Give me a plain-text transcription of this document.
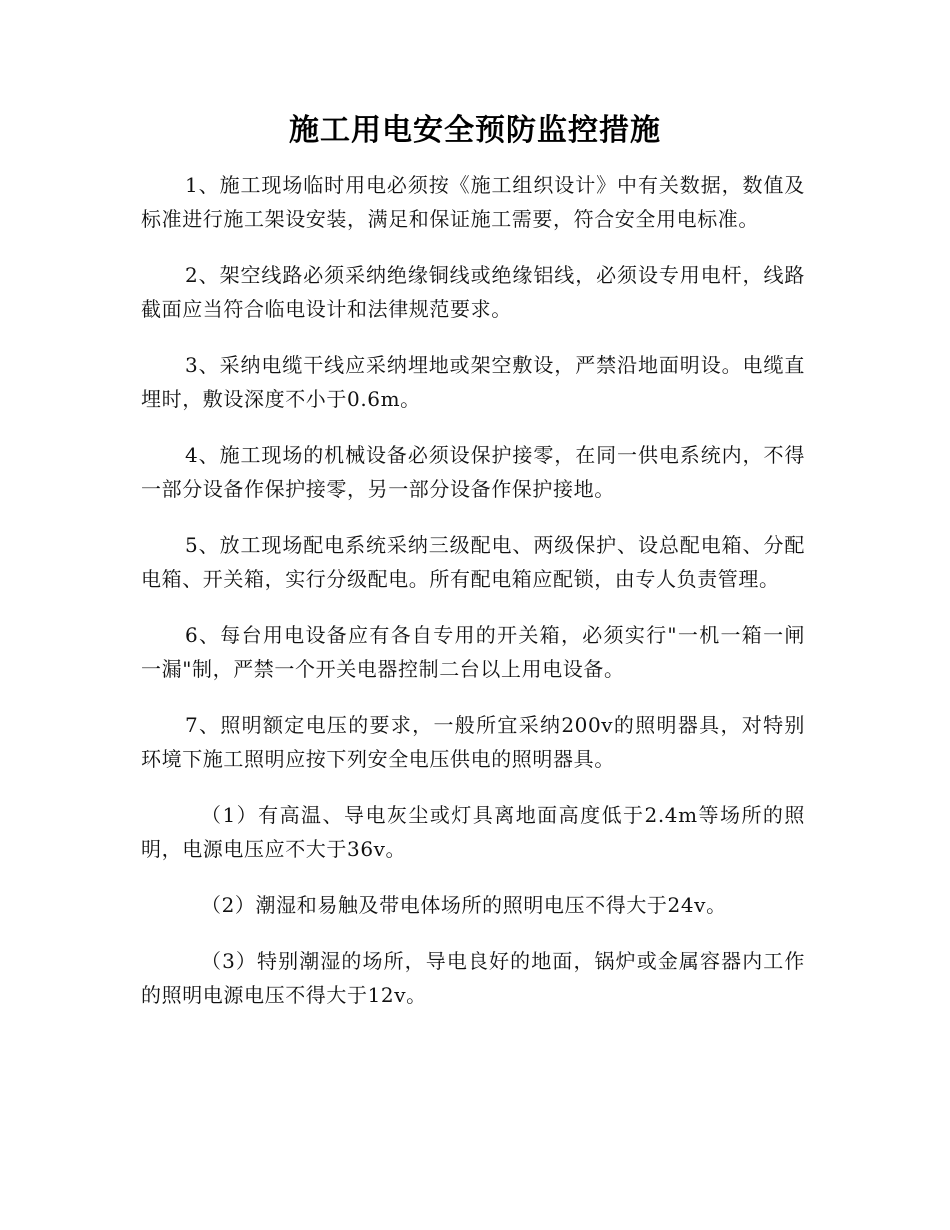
施工用电安全预防监控措施

1、施工现场临时用电必须按《施工组织设计》中有关数据，数值及标准进行施工架设安装，满足和保证施工需要，符合安全用电标准。

2、架空线路必须采纳绝缘铜线或绝缘铝线，必须设专用电杆，线路截面应当符合临电设计和法律规范要求。

3、采纳电缆干线应采纳埋地或架空敷设，严禁沿地面明设。电缆直埋时，敷设深度不小于0.6m。

4、施工现场的机械设备必须设保护接零，在同一供电系统内，不得一部分设备作保护接零，另一部分设备作保护接地。

5、放工现场配电系统采纳三级配电、两级保护、设总配电箱、分配电箱、开关箱，实行分级配电。所有配电箱应配锁，由专人负责管理。

6、每台用电设备应有各自专用的开关箱，必须实行"一机一箱一闸一漏"制，严禁一个开关电器控制二台以上用电设备。

7、照明额定电压的要求，一般所宜采纳200v的照明器具，对特别环境下施工照明应按下列安全电压供电的照明器具。

（1）有高温、导电灰尘或灯具离地面高度低于2.4m等场所的照明，电源电压应不大于36v。

（2）潮湿和易触及带电体场所的照明电压不得大于24v。

（3）特别潮湿的场所，导电良好的地面，锅炉或金属容器内工作的照明电源电压不得大于12v。
